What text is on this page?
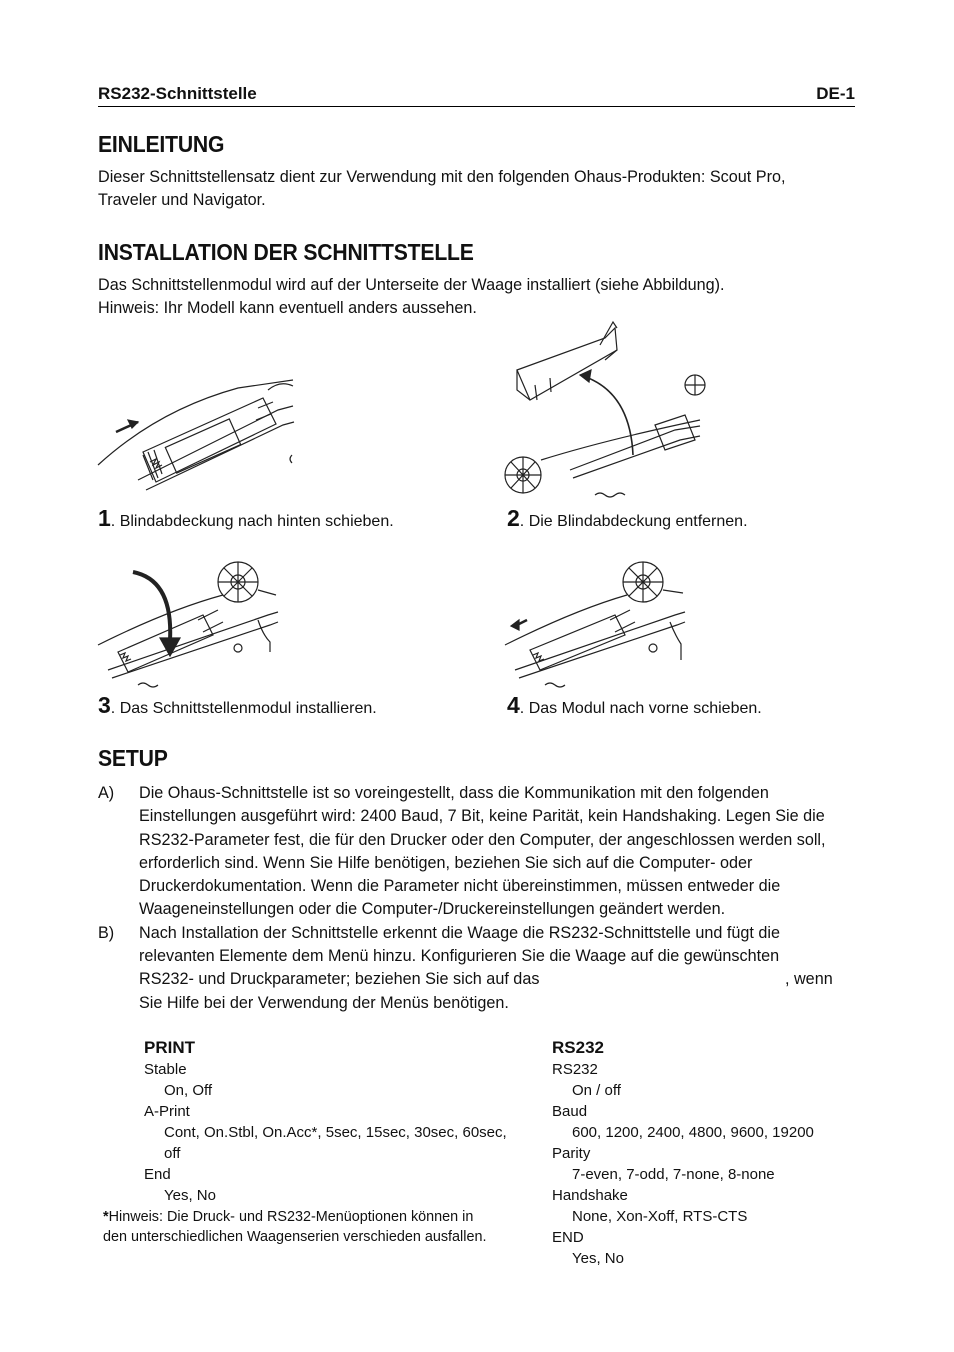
RS232-Schnittstelle	DE-1
EINLEITUNG
Dieser Schnittstellensatz dient zur Verwendung mit den folgenden Ohaus-Produkten: Scout Pro,
Traveler und Navigator.
INSTALLATION DER SCHNITTSTELLE
Das Schnittstellenmodul wird auf der Unterseite der Waage installiert (siehe Abbildung).
Hinweis: Ihr Modell kann eventuell anders aussehen.
1. Blindabdeckung nach hinten schieben.	2. Die Blindabdeckung entfernen.
3. Das Schnittstellenmodul installieren.	4. Das Modul nach vorne schieben.
SETUP
A) Die Ohaus-Schnittstelle ist so voreingestellt, dass die Kommunikation mit den folgenden
Einstellungen ausgeführt wird: 2400 Baud, 7 Bit, keine Parität, kein Handshaking. Legen Sie die
RS232-Parameter fest, die für den Drucker oder den Computer, der angeschlossen werden soll,
erforderlich sind. Wenn Sie Hilfe benötigen, beziehen Sie sich auf die Computer- oder
Druckerdokumentation. Wenn die Parameter nicht übereinstimmen, müssen entweder die
Waageneinstellungen oder die Computer-/Druckereinstellungen geändert werden.
B) Nach Installation der Schnittstelle erkennt die Waage die RS232-Schnittstelle und fügt die
relevanten Elemente dem Menü hinzu. Konfigurieren Sie die Waage auf die gewünschten
RS232- und Druckparameter; beziehen Sie sich auf das	, wenn
Sie Hilfe bei der Verwendung der Menüs benötigen.
PRINT
Stable
On, Off
A-Print
Cont, On.Stbl, On.Acc*, 5sec, 15sec, 30sec, 60sec,
off
End
Yes, No
*Hinweis: Die Druck- und RS232-Menüoptionen können in
den unterschiedlichen Waagenserien verschieden ausfallen.
RS232
RS232
On / off
Baud
600, 1200, 2400, 4800, 9600, 19200
Parity
7-even, 7-odd, 7-none, 8-none
Handshake
None, Xon-Xoff, RTS-CTS
END
Yes, No
